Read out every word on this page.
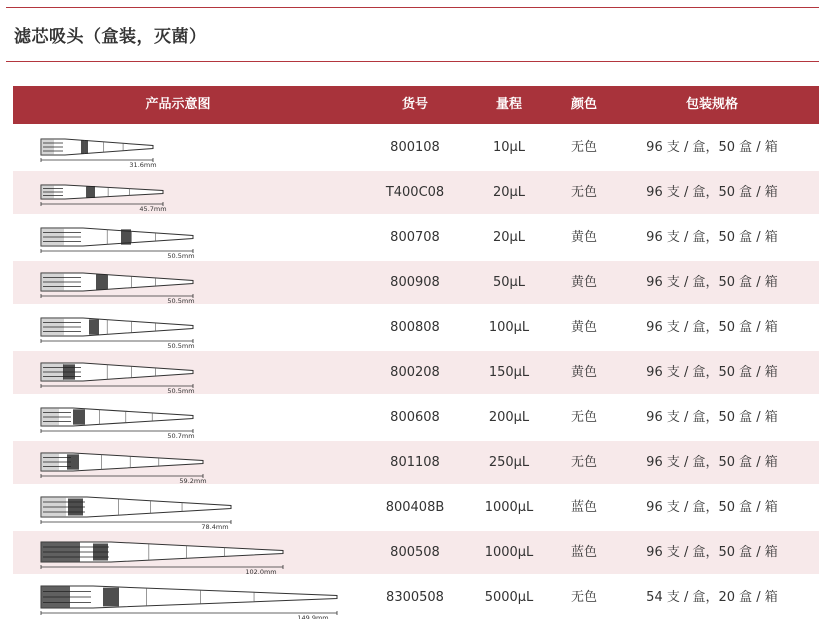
滤芯吸头（盒装，灭菌）
产品示意图	货号	量程	颜色	包装规格
31.6mm
800108	10µL	无色	96 支 / 盒，50 盒 / 箱
45.7mm
T400C08	20µL	无色	96 支 / 盒，50 盒 / 箱
50.5mm
800708	20µL	黄色	96 支 / 盒，50 盒 / 箱
50.5mm
800908	50µL	黄色	96 支 / 盒，50 盒 / 箱
50.5mm
800808	100µL	黄色	96 支 / 盒，50 盒 / 箱
50.5mm
800208	150µL	黄色	96 支 / 盒，50 盒 / 箱
50.7mm
800608	200µL	无色	96 支 / 盒，50 盒 / 箱
59.2mm
801108	250µL	无色	96 支 / 盒，50 盒 / 箱
78.4mm
800408B	1000µL	蓝色	96 支 / 盒，50 盒 / 箱
102.0mm
800508	1000µL	蓝色	96 支 / 盒，50 盒 / 箱
149.9mm
8300508	5000µL	无色	54 支 / 盒，20 盒 / 箱
